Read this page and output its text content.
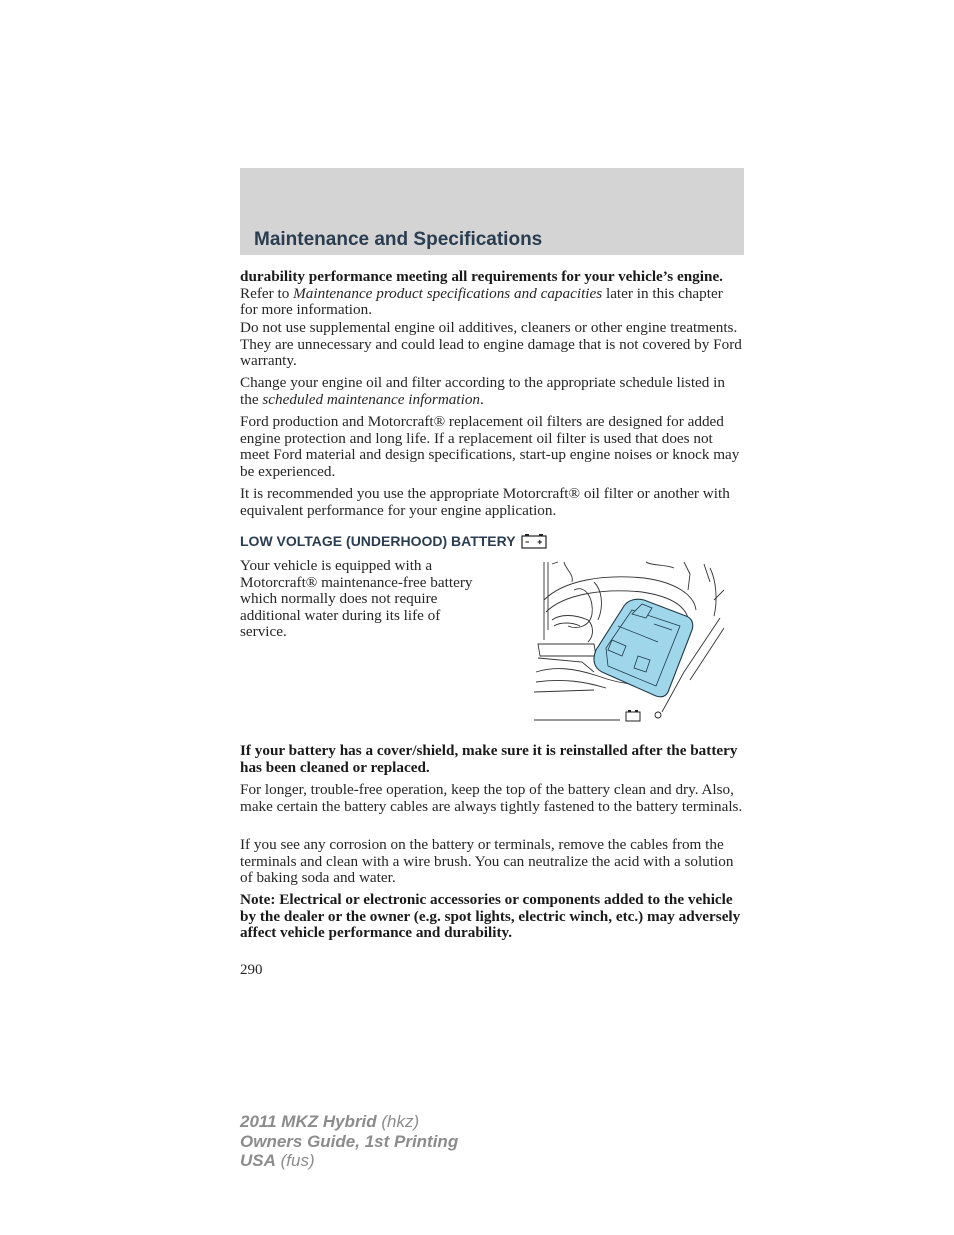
Maintenance and Specifications

durability performance meeting all requirements for your vehicle’s engine. Refer to Maintenance product specifications and capacities later in this chapter for more information.

Do not use supplemental engine oil additives, cleaners or other engine treatments. They are unnecessary and could lead to engine damage that is not covered by Ford warranty.

Change your engine oil and filter according to the appropriate schedule listed in the scheduled maintenance information.

Ford production and Motorcraft® replacement oil filters are designed for added engine protection and long life. If a replacement oil filter is used that does not meet Ford material and design specifications, start-up engine noises or knock may be experienced.

It is recommended you use the appropriate Motorcraft® oil filter or another with equivalent performance for your engine application.

LOW VOLTAGE (UNDERHOOD) BATTERY

Your vehicle is equipped with a Motorcraft® maintenance-free battery which normally does not require additional water during its life of service.

If your battery has a cover/shield, make sure it is reinstalled after the battery has been cleaned or replaced.

For longer, trouble-free operation, keep the top of the battery clean and dry. Also, make certain the battery cables are always tightly fastened to the battery terminals.

If you see any corrosion on the battery or terminals, remove the cables from the terminals and clean with a wire brush. You can neutralize the acid with a solution of baking soda and water.

Note: Electrical or electronic accessories or components added to the vehicle by the dealer or the owner (e.g. spot lights, electric winch, etc.) may adversely affect vehicle performance and durability.

290
2011 MKZ Hybrid (hkz)
Owners Guide, 1st Printing
USA (fus)
